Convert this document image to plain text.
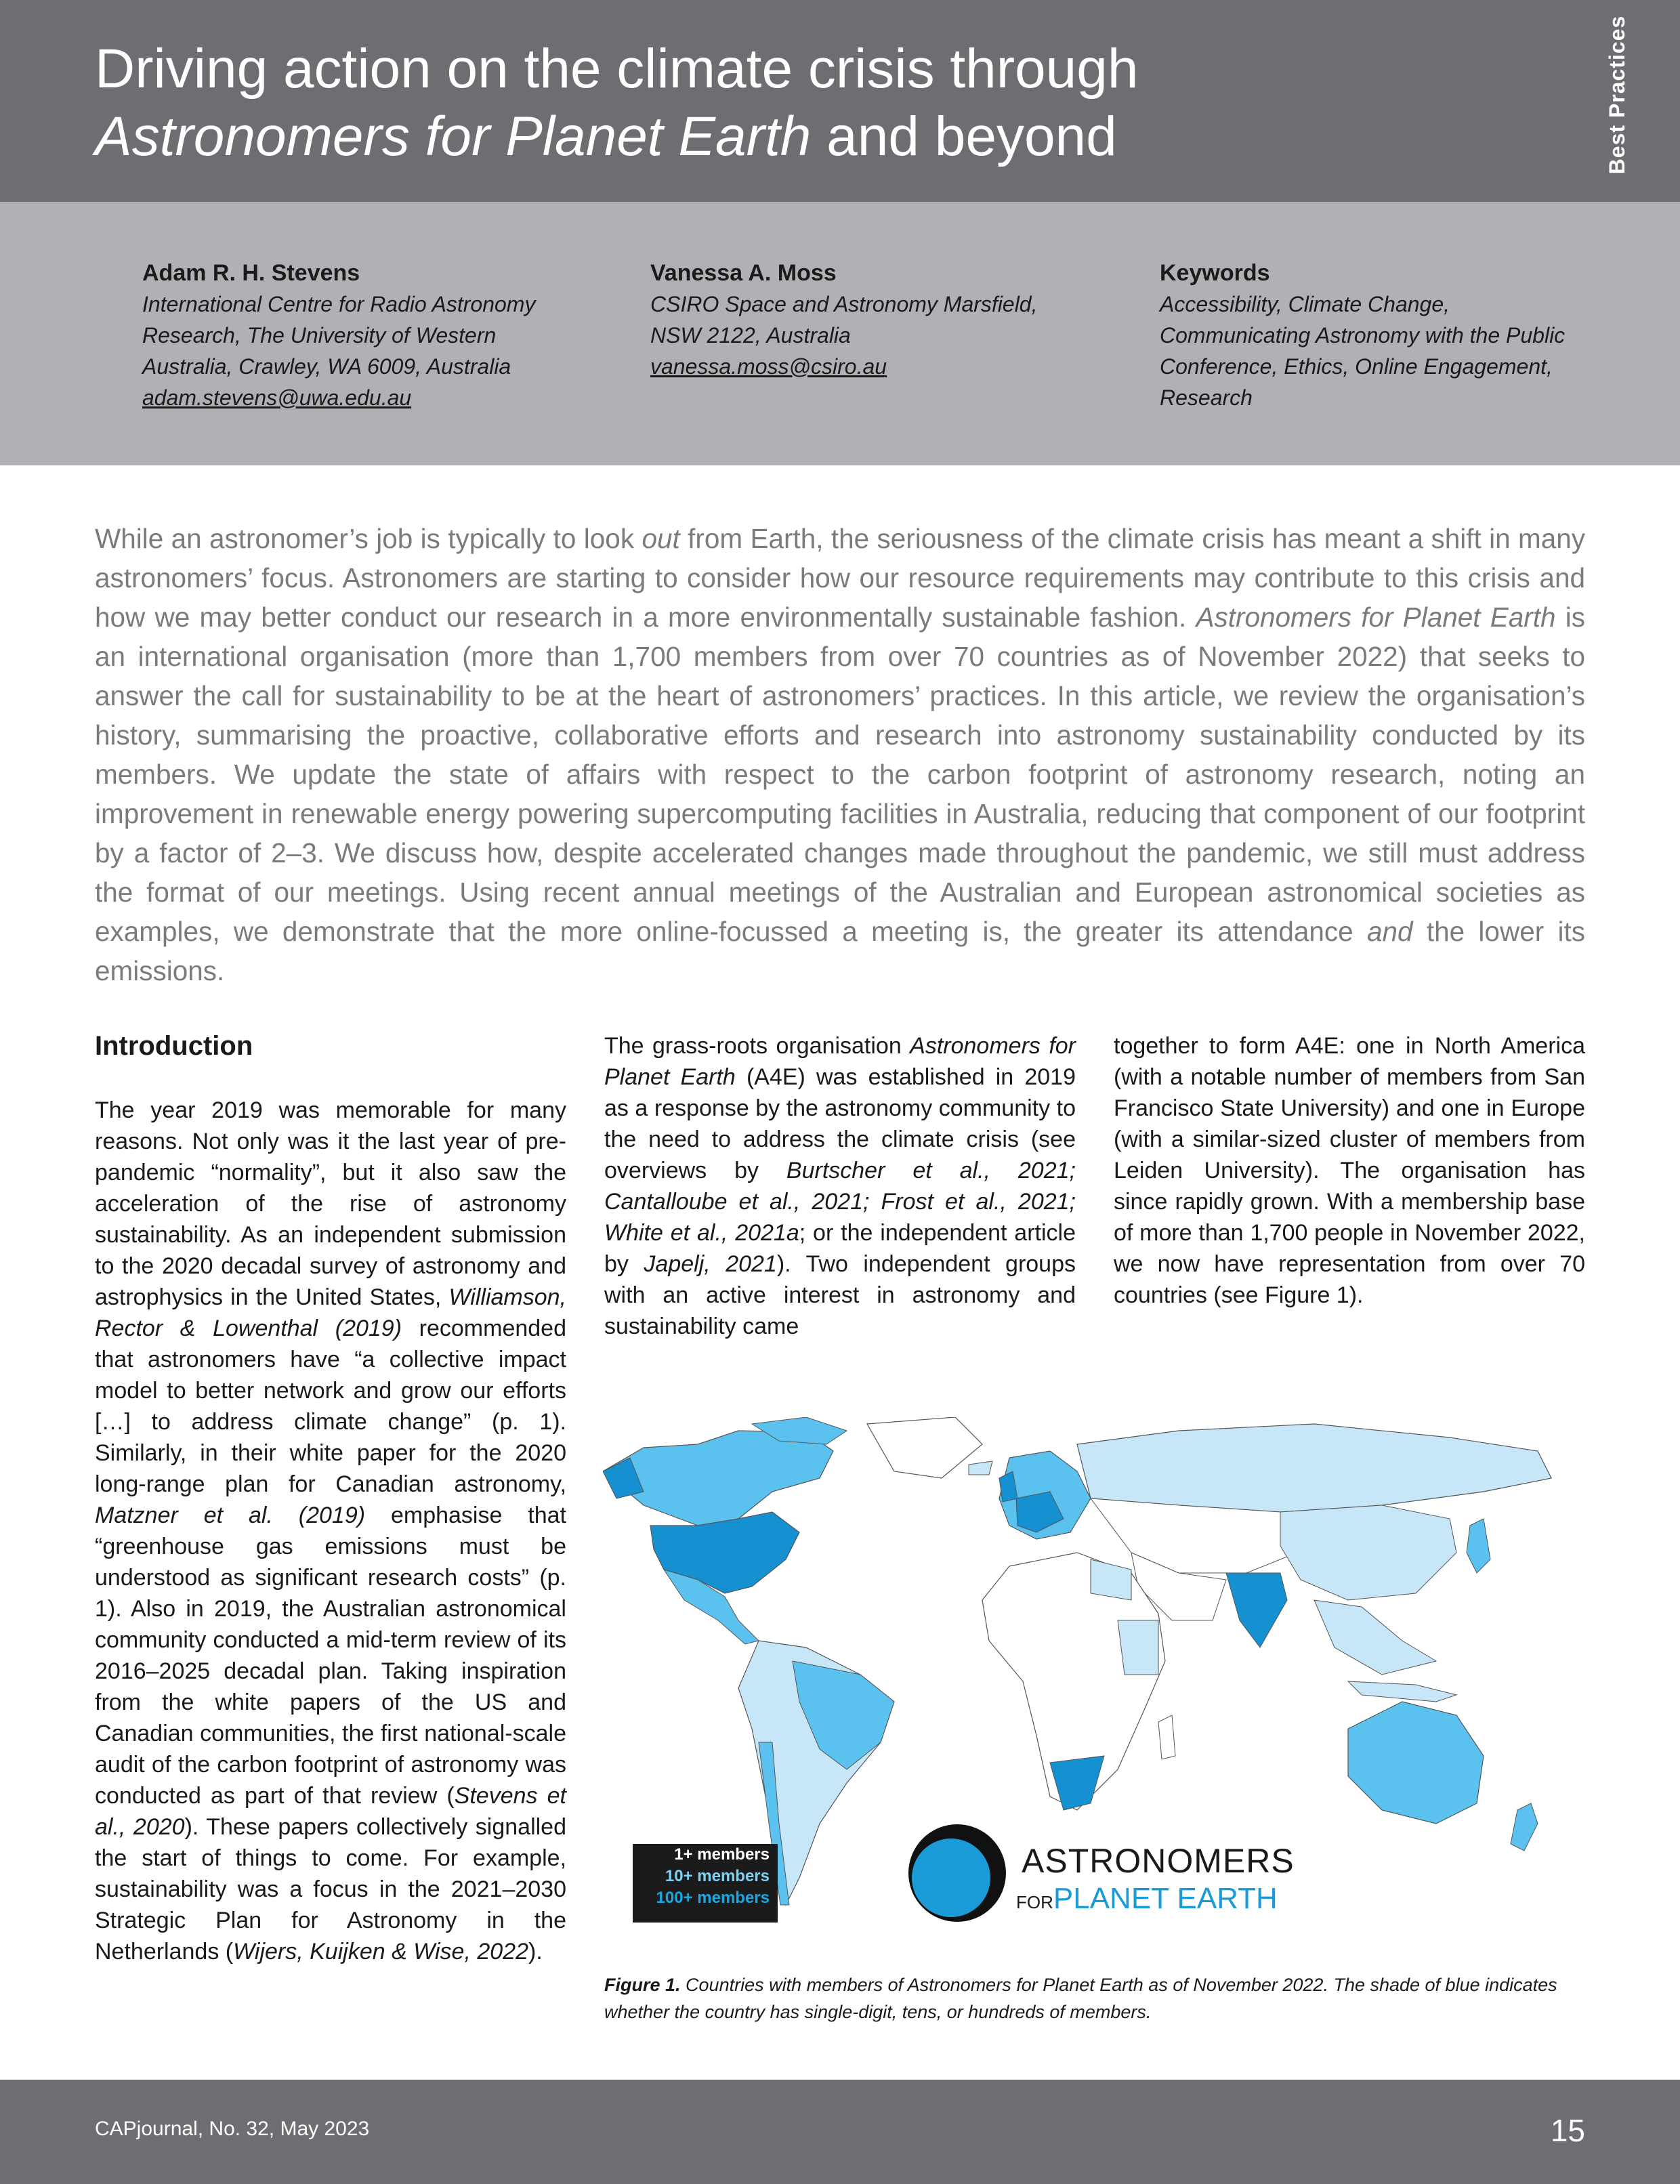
Driving action on the climate crisis through
Astronomers for Planet Earth and beyond	Best Practices
Adam R. H. Stevens
International Centre for Radio Astronomy Research, The University of Western Australia, Crawley, WA 6009, Australia
adam.stevens@uwa.edu.au
Vanessa A. Moss
CSIRO Space and Astronomy Marsfield, NSW 2122, Australia
vanessa.moss@csiro.au
Keywords
Accessibility, Climate Change, Communicating Astronomy with the Public Conference, Ethics, Online Engagement, Research
While an astronomer’s job is typically to look out from Earth, the seriousness of the climate crisis has meant a shift in many astronomers’ focus. Astronomers are starting to consider how our resource requirements may contribute to this crisis and how we may better conduct our research in a more environmentally sustainable fashion. Astronomers for Planet Earth is an international organisation (more than 1,700 members from over 70 countries as of November 2022) that seeks to answer the call for sustainability to be at the heart of astronomers’ practices. In this article, we review the organisation’s history, summarising the proactive, collaborative efforts and research into astronomy sustainability conducted by its members. We update the state of affairs with respect to the carbon footprint of astronomy research, noting an improvement in renewable energy powering supercomputing facilities in Australia, reducing that component of our footprint by a factor of 2–3. We discuss how, despite accelerated changes made throughout the pandemic, we still must address the format of our meetings. Using recent annual meetings of the Australian and European astronomical societies as examples, we demonstrate that the more online-focussed a meeting is, the greater its attendance and the lower its emissions.
Introduction
The year 2019 was memorable for many reasons. Not only was it the last year of pre-pandemic “normality”, but it also saw the acceleration of the rise of astronomy sustainability. As an independent submission to the 2020 decadal survey of astronomy and astrophysics in the United States, Williamson, Rector & Lowenthal (2019) recommended that astronomers have “a collective impact model to better network and grow our efforts […] to address climate change” (p. 1). Similarly, in their white paper for the 2020 long-range plan for Canadian astronomy, Matzner et al. (2019) emphasise that “greenhouse gas emissions must be understood as significant research costs” (p. 1). Also in 2019, the Australian astronomical community conducted a mid-term review of its 2016–2025 decadal plan. Taking inspiration from the white papers of the US and Canadian communities, the first national-scale audit of the carbon footprint of astronomy was conducted as part of that review (Stevens et al., 2020). These papers collectively signalled the start of things to come. For example, sustainability was a focus in the 2021–2030 Strategic Plan for Astronomy in the Netherlands (Wijers, Kuijken & Wise, 2022).
The grass-roots organisation Astronomers for Planet Earth (A4E) was established in 2019 as a response by the astronomy community to the need to address the climate crisis (see overviews by Burtscher et al., 2021; Cantalloube et al., 2021; Frost et al., 2021; White et al., 2021a; or the independent article by Japelj, 2021). Two independent groups with an active interest in astronomy and sustainability came
together to form A4E: one in North America (with a notable number of members from San Francisco State University) and one in Europe (with a similar-sized cluster of members from Leiden University). The organisation has since rapidly grown. With a membership base of more than 1,700 people in November 2022, we now have representation from over 70 countries (see Figure 1).
1+ members
10+ members
100+ members
ASTRONOMERS
FORPLANET EARTH
Figure 1. Countries with members of Astronomers for Planet Earth as of November 2022. The shade of blue indicates whether the country has single-digit, tens, or hundreds of members.
CAPjournal, No. 32, May 2023	15
